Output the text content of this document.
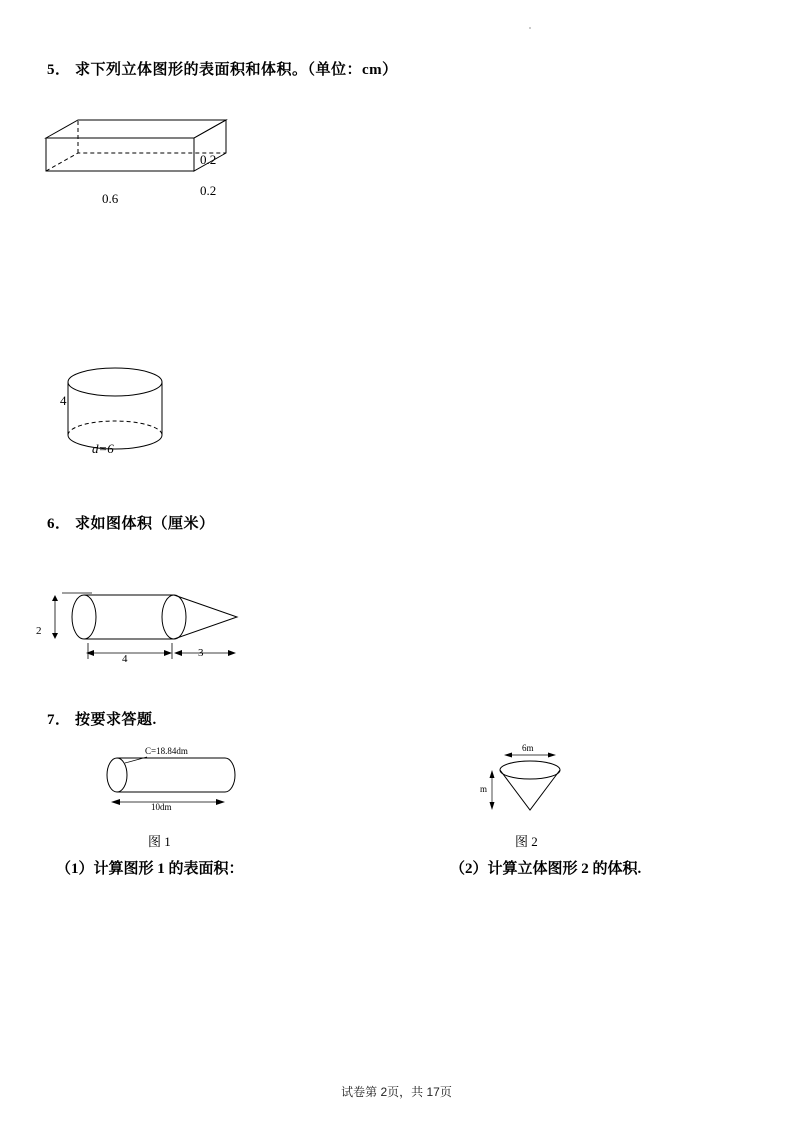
5． 求下列立体图形的表面积和体积。（单位：cm）
0.2
0.2
0.6
4
d=6
6． 求如图体积（厘米）
2
4	3
7． 按要求答题.
C=18.84dm
10dm
图 1
6m
m
图 2
（1）计算图形 1 的表面积：	（2）计算立体图形 2 的体积.
试卷第 2页，共 17页
